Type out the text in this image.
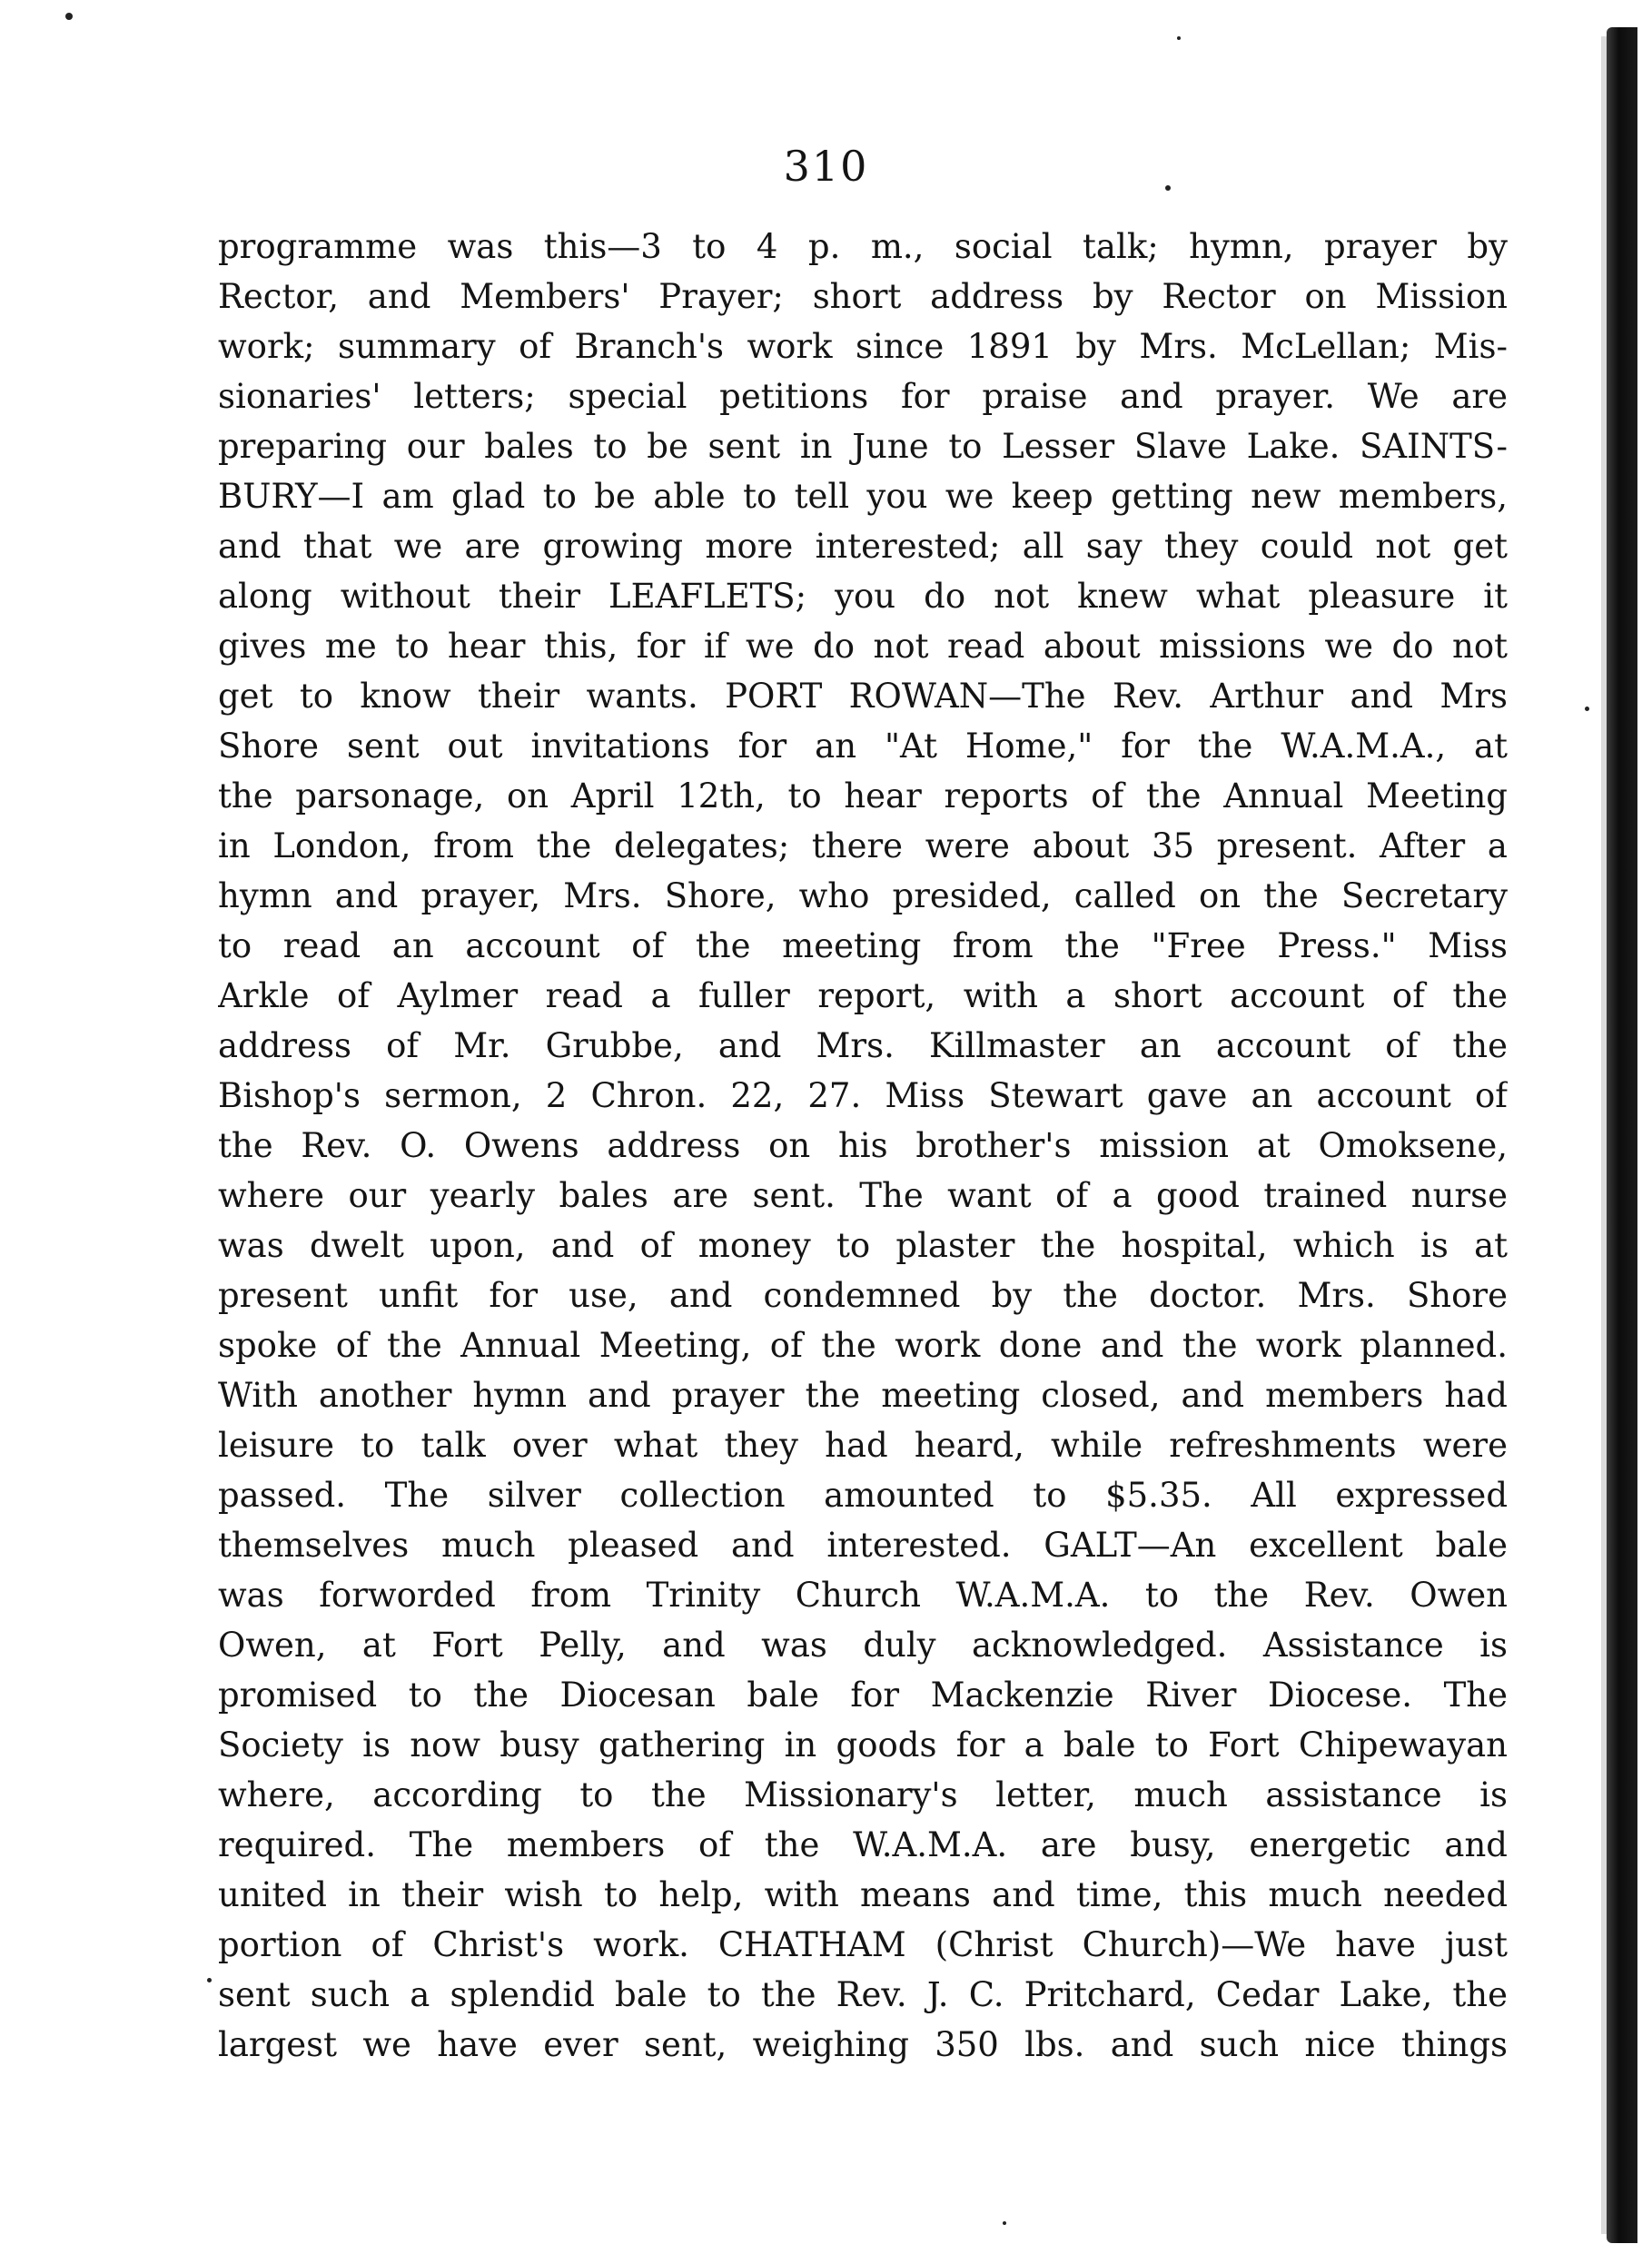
310
programme was this—3 to 4 p. m., social talk; hymn, prayer by
Rector, and Members' Prayer; short address by Rector on Mission
work; summary of Branch's work since 1891 by Mrs. McLellan; Mis-
sionaries' letters; special petitions for praise and prayer. We are
preparing our bales to be sent in June to Lesser Slave Lake. SAINTS-
BURY—I am glad to be able to tell you we keep getting new members,
and that we are growing more interested; all say they could not get
along without their LEAFLETS; you do not knew what pleasure it
gives me to hear this, for if we do not read about missions we do not
get to know their wants. PORT ROWAN—The Rev. Arthur and Mrs
Shore sent out invitations for an "At Home," for the W.A.M.A., at
the parsonage, on April 12th, to hear reports of the Annual Meeting
in London, from the delegates; there were about 35 present. After a
hymn and prayer, Mrs. Shore, who presided, called on the Secretary
to read an account of the meeting from the "Free Press." Miss
Arkle of Aylmer read a fuller report, with a short account of the
address of Mr. Grubbe, and Mrs. Killmaster an account of the
Bishop's sermon, 2 Chron. 22, 27. Miss Stewart gave an account of
the Rev. O. Owens address on his brother's mission at Omoksene,
where our yearly bales are sent. The want of a good trained nurse
was dwelt upon, and of money to plaster the hospital, which is at
present unfit for use, and condemned by the doctor. Mrs. Shore
spoke of the Annual Meeting, of the work done and the work planned.
With another hymn and prayer the meeting closed, and members had
leisure to talk over what they had heard, while refreshments were
passed. The silver collection amounted to $5.35. All expressed
themselves much pleased and interested. GALT—An excellent bale
was forworded from Trinity Church W.A.M.A. to the Rev. Owen
Owen, at Fort Pelly, and was duly acknowledged. Assistance is
promised to the Diocesan bale for Mackenzie River Diocese. The
Society is now busy gathering in goods for a bale to Fort Chipewayan
where, according to the Missionary's letter, much assistance is
required. The members of the W.A.M.A. are busy, energetic and
united in their wish to help, with means and time, this much needed
portion of Christ's work. CHATHAM (Christ Church)—We have just
sent such a splendid bale to the Rev. J. C. Pritchard, Cedar Lake, the
largest we have ever sent, weighing 350 lbs. and such nice things
